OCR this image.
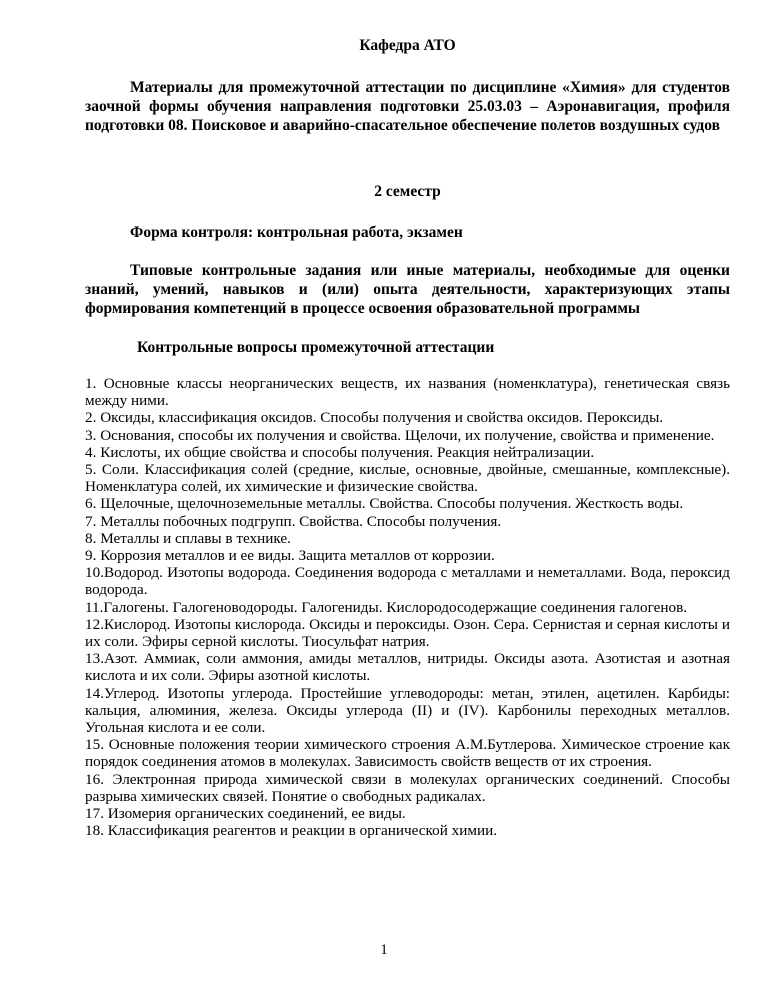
Кафедра АТО

Материалы для промежуточной аттестации по дисциплине «Химия» для студентов заочной формы обучения направления подготовки 25.03.03 – Аэронавигация, профиля подготовки 08. Поисковое и аварийно-спасательное обеспечение полетов воздушных судов

2 семестр

Форма контроля: контрольная работа, экзамен

Типовые контрольные задания или иные материалы, необходимые для оценки знаний, умений, навыков и (или) опыта деятельности, характеризующих этапы формирования компетенций в процессе освоения образовательной программы

Контрольные вопросы промежуточной аттестации

1. Основные классы неорганических веществ, их названия (номенклатура), генетическая связь между ними.
2. Оксиды, классификация оксидов. Способы получения и свойства оксидов. Пероксиды.
3. Основания, способы их получения и свойства. Щелочи, их получение, свойства и применение.
4. Кислоты, их общие свойства и способы получения. Реакция нейтрализации.
5. Соли. Классификация солей (средние, кислые, основные, двойные, смешанные, комплексные). Номенклатура солей, их химические и физические свойства.
6. Щелочные, щелочноземельные металлы. Свойства. Способы получения. Жесткость воды.
7. Металлы побочных подгрупп. Свойства. Способы получения.
8. Металлы и сплавы в технике.
9. Коррозия металлов и ее виды. Защита металлов от коррозии.
10.Водород. Изотопы водорода. Соединения водорода с металлами и неметаллами. Вода, пероксид водорода.
11.Галогены. Галогеноводороды. Галогениды. Кислородосодержащие соединения галогенов.
12.Кислород. Изотопы кислорода. Оксиды и пероксиды. Озон. Сера. Сернистая и серная кислоты и их соли. Эфиры серной кислоты. Тиосульфат натрия.
13.Азот. Аммиак, соли аммония, амиды металлов, нитриды. Оксиды азота. Азотистая и азотная кислота и их соли. Эфиры азотной кислоты.
14.Углерод. Изотопы углерода. Простейшие углеводороды: метан, этилен, ацетилен. Карбиды: кальция, алюминия, железа. Оксиды углерода (II) и (IV). Карбонилы переходных металлов. Угольная кислота и ее соли.
15. Основные положения теории химического строения А.М.Бутлерова. Химическое строение как порядок соединения атомов в молекулах. Зависимость свойств веществ от их строения.
16. Электронная природа химической связи в молекулах органических соединений. Способы разрыва химических связей. Понятие о свободных радикалах.
17. Изомерия органических соединений, ее виды.
18. Классификация реагентов и реакции в органической химии.
1
